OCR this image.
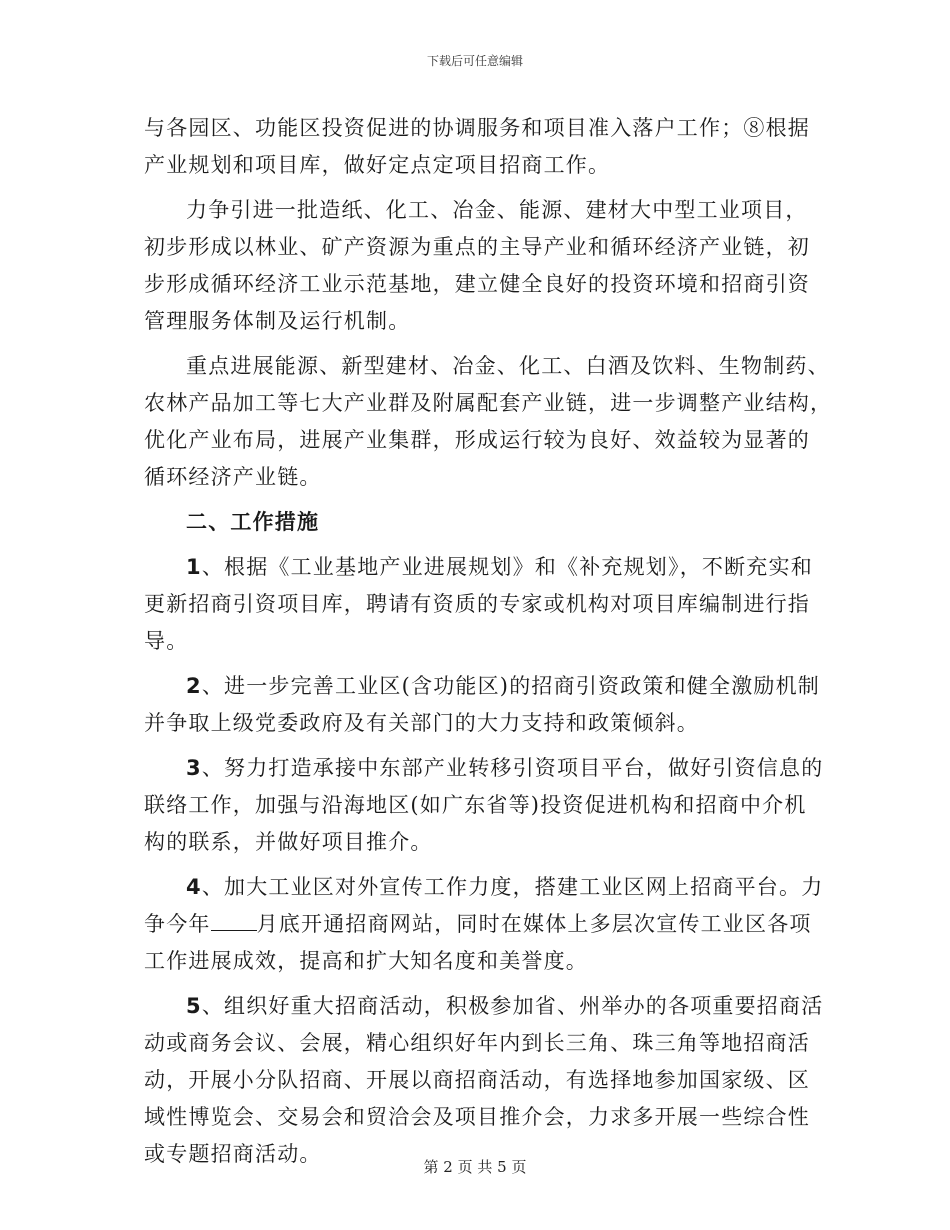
下载后可任意编辑
与各园区、功能区投资促进的协调服务和项目准入落户工作；⑧根据
产业规划和项目库，做好定点定项目招商工作。
力争引进一批造纸、化工、冶金、能源、建材大中型工业项目，
初步形成以林业、矿产资源为重点的主导产业和循环经济产业链，初
步形成循环经济工业示范基地，建立健全良好的投资环境和招商引资
管理服务体制及运行机制。
重点进展能源、新型建材、冶金、化工、白酒及饮料、生物制药、
农林产品加工等七大产业群及附属配套产业链，进一步调整产业结构，
优化产业布局，进展产业集群，形成运行较为良好、效益较为显著的
循环经济产业链。
二、工作措施
1、根据《工业基地产业进展规划》和《补充规划》，不断充实和
更新招商引资项目库，聘请有资质的专家或机构对项目库编制进行指
导。
2、进一步完善工业区(含功能区)的招商引资政策和健全激励机制
并争取上级党委政府及有关部门的大力支持和政策倾斜。
3、努力打造承接中东部产业转移引资项目平台，做好引资信息的
联络工作，加强与沿海地区(如广东省等)投资促进机构和招商中介机
构的联系，并做好项目推介。
4、加大工业区对外宣传工作力度，搭建工业区网上招商平台。力
争今年 月底开通招商网站，同时在媒体上多层次宣传工业区各项
工作进展成效，提高和扩大知名度和美誉度。
5、组织好重大招商活动，积极参加省、州举办的各项重要招商活
动或商务会议、会展，精心组织好年内到长三角、珠三角等地招商活
动，开展小分队招商、开展以商招商活动，有选择地参加国家级、区
域性博览会、交易会和贸洽会及项目推介会，力求多开展一些综合性
或专题招商活动。
第 2 页 共 5 页
